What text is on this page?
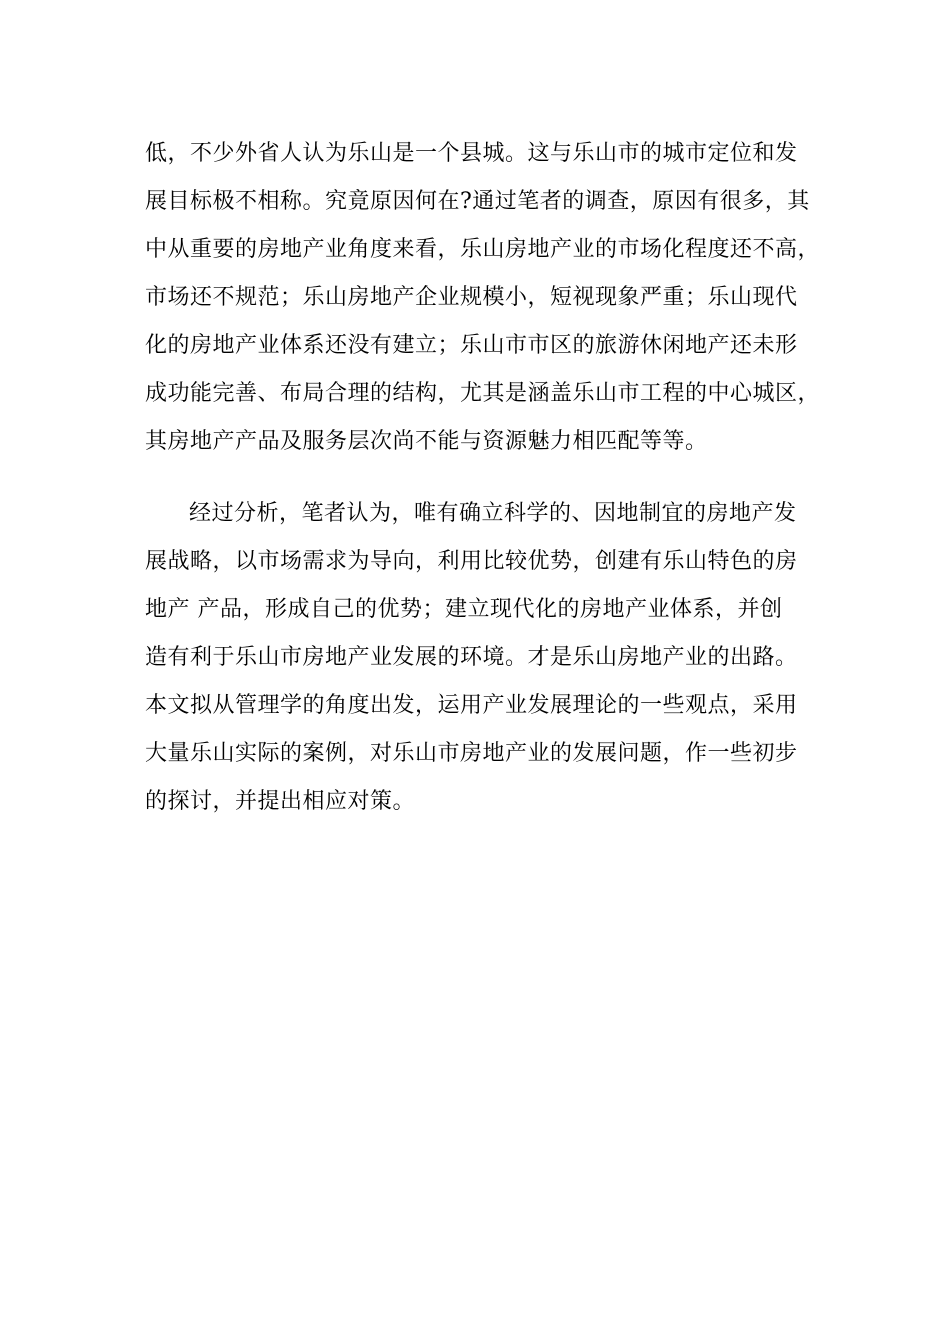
低，不少外省人认为乐山是一个县城。这与乐山市的城市定位和发
展目标极不相称。究竟原因何在?通过笔者的调查，原因有很多，其
中从重要的房地产业角度来看，乐山房地产业的市场化程度还不高，
市场还不规范；乐山房地产企业规模小，短视现象严重；乐山现代
化的房地产业体系还没有建立；乐山市市区的旅游休闲地产还未形
成功能完善、布局合理的结构，尤其是涵盖乐山市工程的中心城区，
其房地产产品及服务层次尚不能与资源魅力相匹配等等。
经过分析，笔者认为，唯有确立科学的、因地制宜的房地产发
展战略，以市场需求为导向，利用比较优势，创建有乐山特色的房
地产 产品，形成自己的优势；建立现代化的房地产业体系，并创
造有利于乐山市房地产业发展的环境。才是乐山房地产业的出路。
本文拟从管理学的角度出发，运用产业发展理论的一些观点，采用
大量乐山实际的案例，对乐山市房地产业的发展问题，作一些初步
的探讨，并提出相应对策。
